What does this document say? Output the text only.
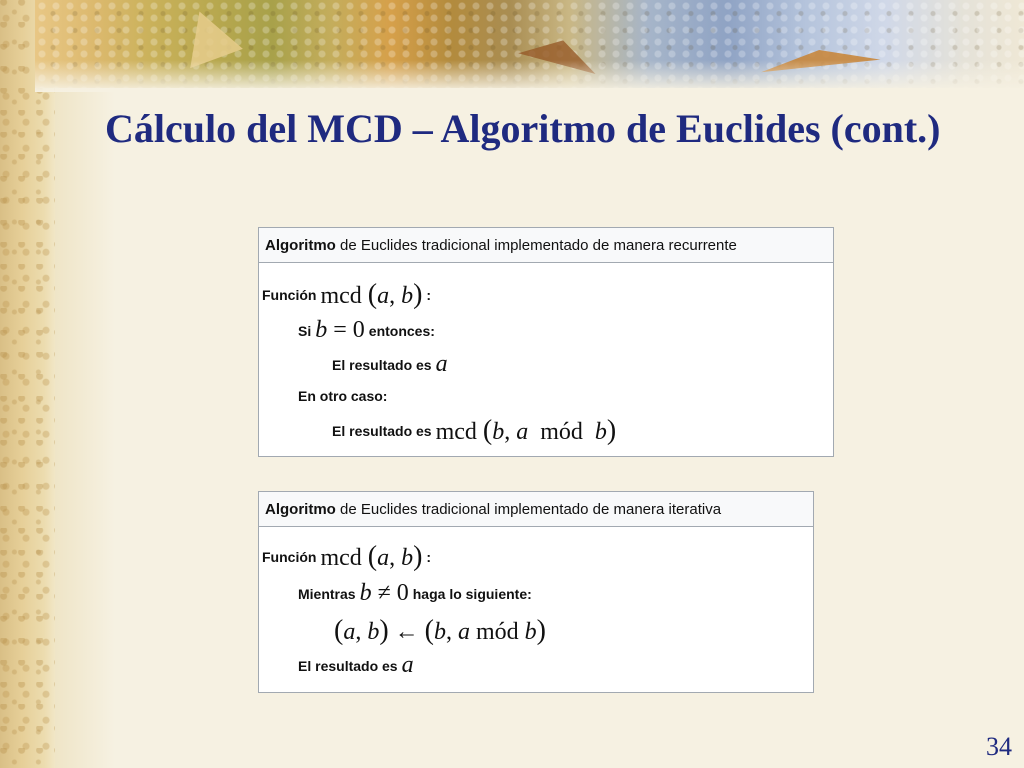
Cálculo del MCD – Algoritmo de Euclides (cont.)
Algoritmo de Euclides tradicional implementado de manera recurrente
Función mcd (a, b) :
Si b = 0 entonces:
El resultado es a
En otro caso:
El resultado es mcd (b, a  mód  b)
Algoritmo de Euclides tradicional implementado de manera iterativa
Función mcd (a, b) :
Mientras b ≠ 0 haga lo siguiente:
(a, b) ← (b, a mód b)
El resultado es a
34
